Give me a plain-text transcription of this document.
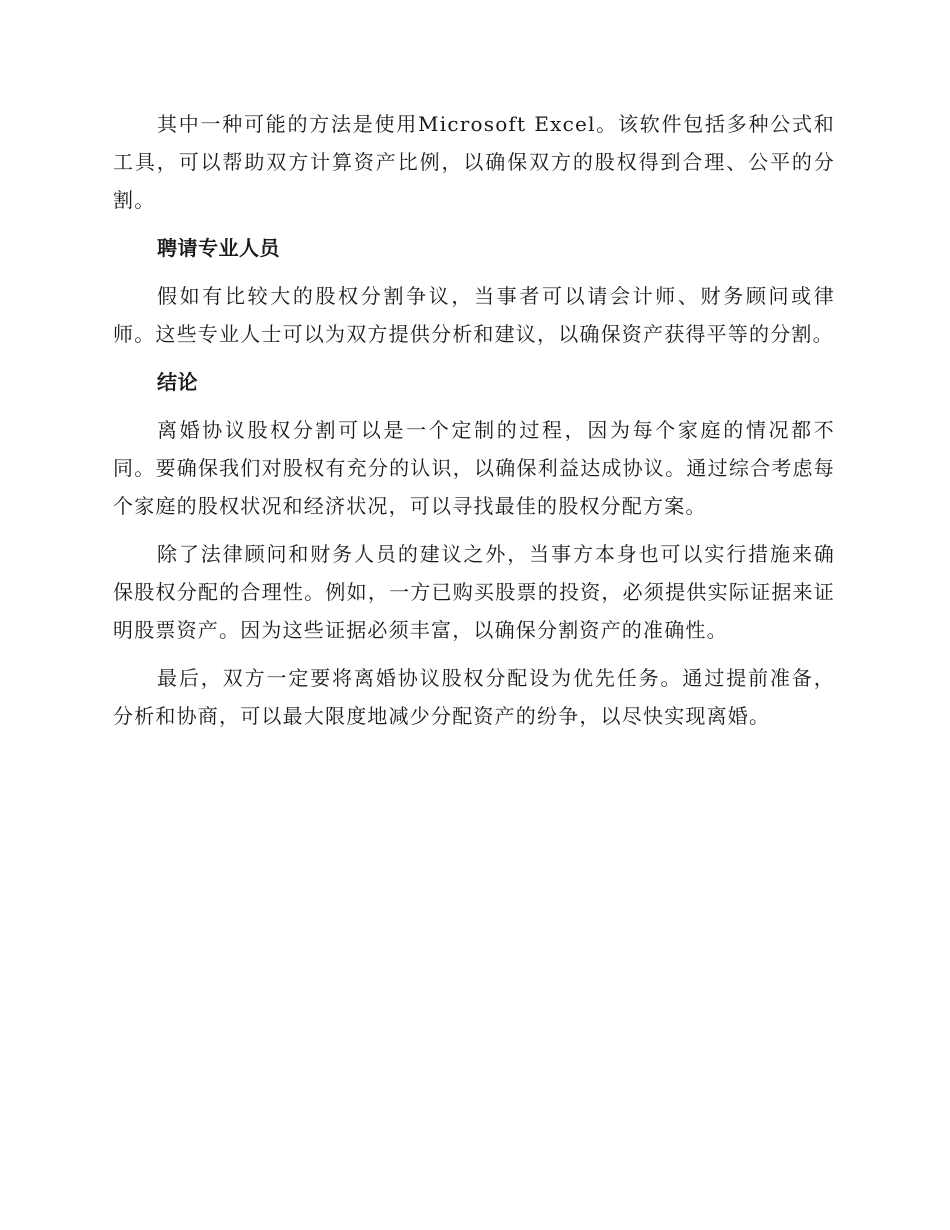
其中一种可能的方法是使用Microsoft Excel。该软件包括多种公式和工具，可以帮助双方计算资产比例，以确保双方的股权得到合理、公平的分割。

聘请专业人员

假如有比较大的股权分割争议，当事者可以请会计师、财务顾问或律师。这些专业人士可以为双方提供分析和建议，以确保资产获得平等的分割。

结论

离婚协议股权分割可以是一个定制的过程，因为每个家庭的情况都不同。要确保我们对股权有充分的认识，以确保利益达成协议。通过综合考虑每个家庭的股权状况和经济状况，可以寻找最佳的股权分配方案。

除了法律顾问和财务人员的建议之外，当事方本身也可以实行措施来确保股权分配的合理性。例如，一方已购买股票的投资，必须提供实际证据来证明股票资产。因为这些证据必须丰富，以确保分割资产的准确性。

最后，双方一定要将离婚协议股权分配设为优先任务。通过提前准备，分析和协商，可以最大限度地减少分配资产的纷争，以尽快实现离婚。
